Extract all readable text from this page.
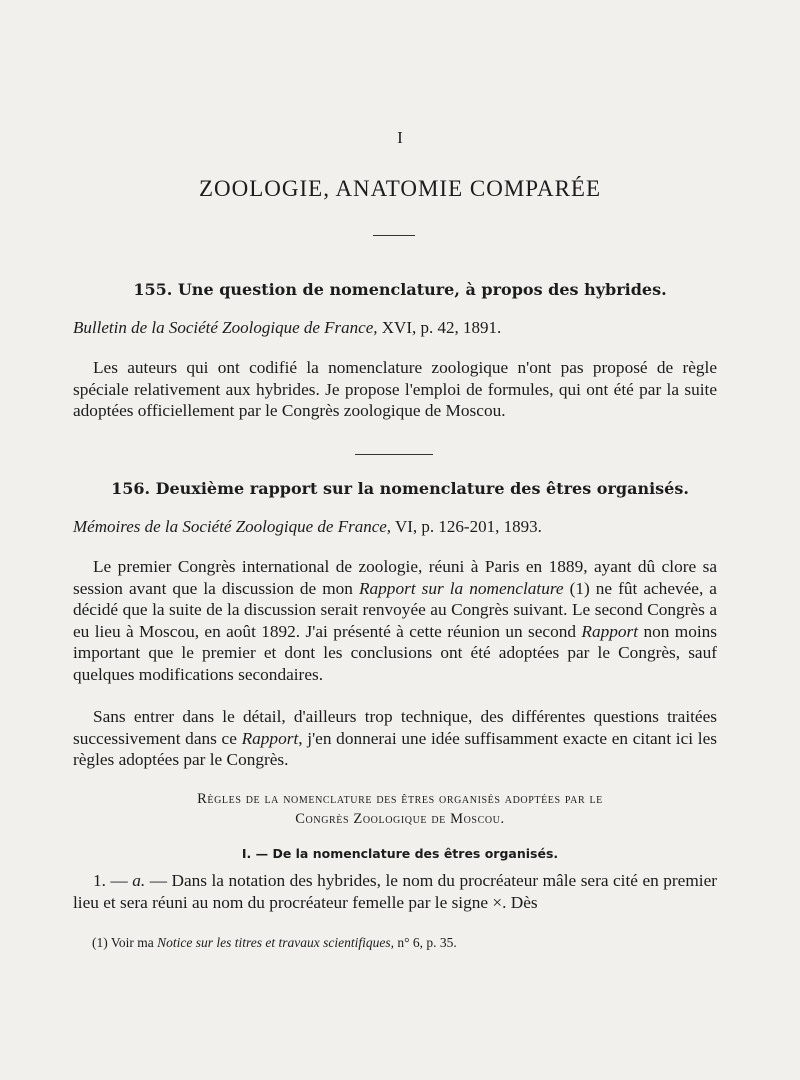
I
ZOOLOGIE, ANATOMIE COMPARÉE
155. Une question de nomenclature, à propos des hybrides.
Bulletin de la Société Zoologique de France, XVI, p. 42, 1891.
Les auteurs qui ont codifié la nomenclature zoologique n'ont pas proposé de règle spéciale relativement aux hybrides. Je propose l'emploi de formules, qui ont été par la suite adoptées officiellement par le Congrès zoologique de Moscou.
156. Deuxième rapport sur la nomenclature des êtres organisés.
Mémoires de la Société Zoologique de France, VI, p. 126-201, 1893.
Le premier Congrès international de zoologie, réuni à Paris en 1889, ayant dû clore sa session avant que la discussion de mon Rapport sur la nomenclature (1) ne fût achevée, a décidé que la suite de la discussion serait renvoyée au Congrès suivant. Le second Congrès a eu lieu à Moscou, en août 1892. J'ai présenté à cette réunion un second Rapport non moins important que le premier et dont les conclusions ont été adoptées par le Congrès, sauf quelques modifications secondaires.
Sans entrer dans le détail, d'ailleurs trop technique, des différentes questions traitées successivement dans ce Rapport, j'en donnerai une idée suffisamment exacte en citant ici les règles adoptées par le Congrès.
Règles de la nomenclature des êtres organisés adoptées par le
Congrès Zoologique de Moscou.
I. — De la nomenclature des êtres organisés.
1. — a. — Dans la notation des hybrides, le nom du procréateur mâle sera cité en premier lieu et sera réuni au nom du procréateur femelle par le signe ×. Dès
(1) Voir ma Notice sur les titres et travaux scientifiques, n° 6, p. 35.
